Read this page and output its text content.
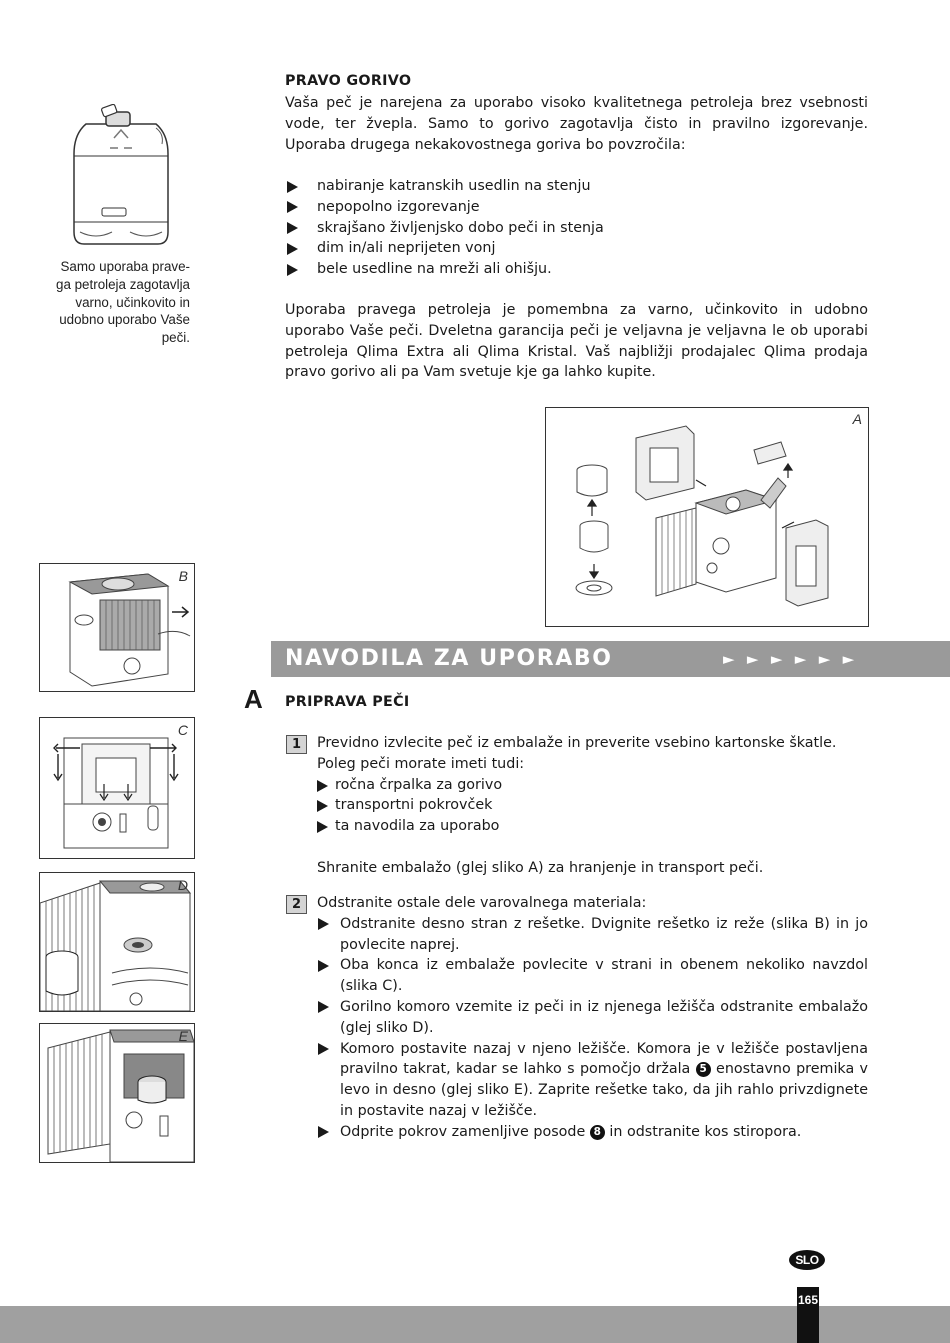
Samo uporaba prave-
ga petroleja zagotavlja
varno, učinkovito in
udobno uporabo Vaše
peči.
PRAVO GORIVO
Vaša peč je narejena za uporabo visoko kvalitetnega petroleja brez vsebnosti vode, ter žvepla. Samo to gorivo zagotavlja čisto in pravilno izgorevanje. Uporaba drugega nekakovostnega goriva bo povzročila:
nabiranje katranskih usedlin na stenju
nepopolno izgorevanje
skrajšano življenjsko dobo peči in stenja
dim in/ali neprijeten vonj
bele usedline na mreži ali ohišju.
Uporaba pravega petroleja je pomembna za varno, učinkovito in udobno uporabo Vaše peči. Dveletna garancija peči je veljavna je veljavna le ob uporabi petroleja Qlima Extra ali Qlima Kristal. Vaš najbližji prodajalec Qlima prodaja pravo gorivo ali pa Vam svetuje kje ga lahko kupite.
A
B
C
D
E
NAVODILA ZA UPORABO	►►►►►►
A PRIPRAVA PEČI
1	Previdno izvlecite peč iz embalaže in preverite vsebino kartonske škatle.
Poleg peči morate imeti tudi:
ročna črpalka za gorivo
transportni pokrovček
ta navodila za uporabo
Shranite embalažo (glej sliko A) za hranjenje in transport peči.
2	Odstranite ostale dele varovalnega materiala:
Odstranite desno stran z rešetke. Dvignite rešetko iz reže (slika B) in jo povlecite naprej.
Oba konca iz embalaže povlecite v strani in obenem nekoliko navzdol (slika C).
Gorilno komoro vzemite iz peči in iz njenega ležišča odstranite embalažo (glej sliko D).
Komoro postavite nazaj v njeno ležišče. Komora je v ležišče postavljena pravilno takrat, kadar se lahko s pomočjo držala 5 enostavno premika v levo in desno (glej sliko E). Zaprite rešetke tako, da jih rahlo privzdignete in postavite nazaj v ležišče.
Odprite pokrov zamenljive posode 8 in odstranite kos stiropora.
SLO
165
